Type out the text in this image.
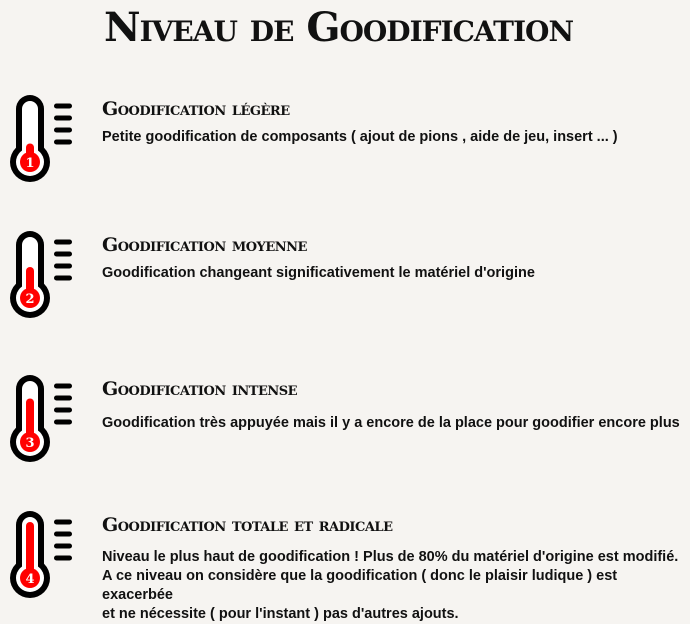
Niveau de Goodification
1
Goodification légère

Petite goodification de composants ( ajout de pions , aide de jeu, insert ... )

2
Goodification moyenne

Goodification changeant significativement le matériel d'origine

3
Goodification intense

Goodification très appuyée mais il y a encore de la place pour goodifier encore plus

4
Goodification totale et radicale

Niveau le plus haut de goodification ! Plus de 80% du matériel d'origine est modifié.

A ce niveau on considère que la goodification ( donc le plaisir ludique ) est exacerbée

et ne nécessite ( pour l'instant ) pas d'autres ajouts.
